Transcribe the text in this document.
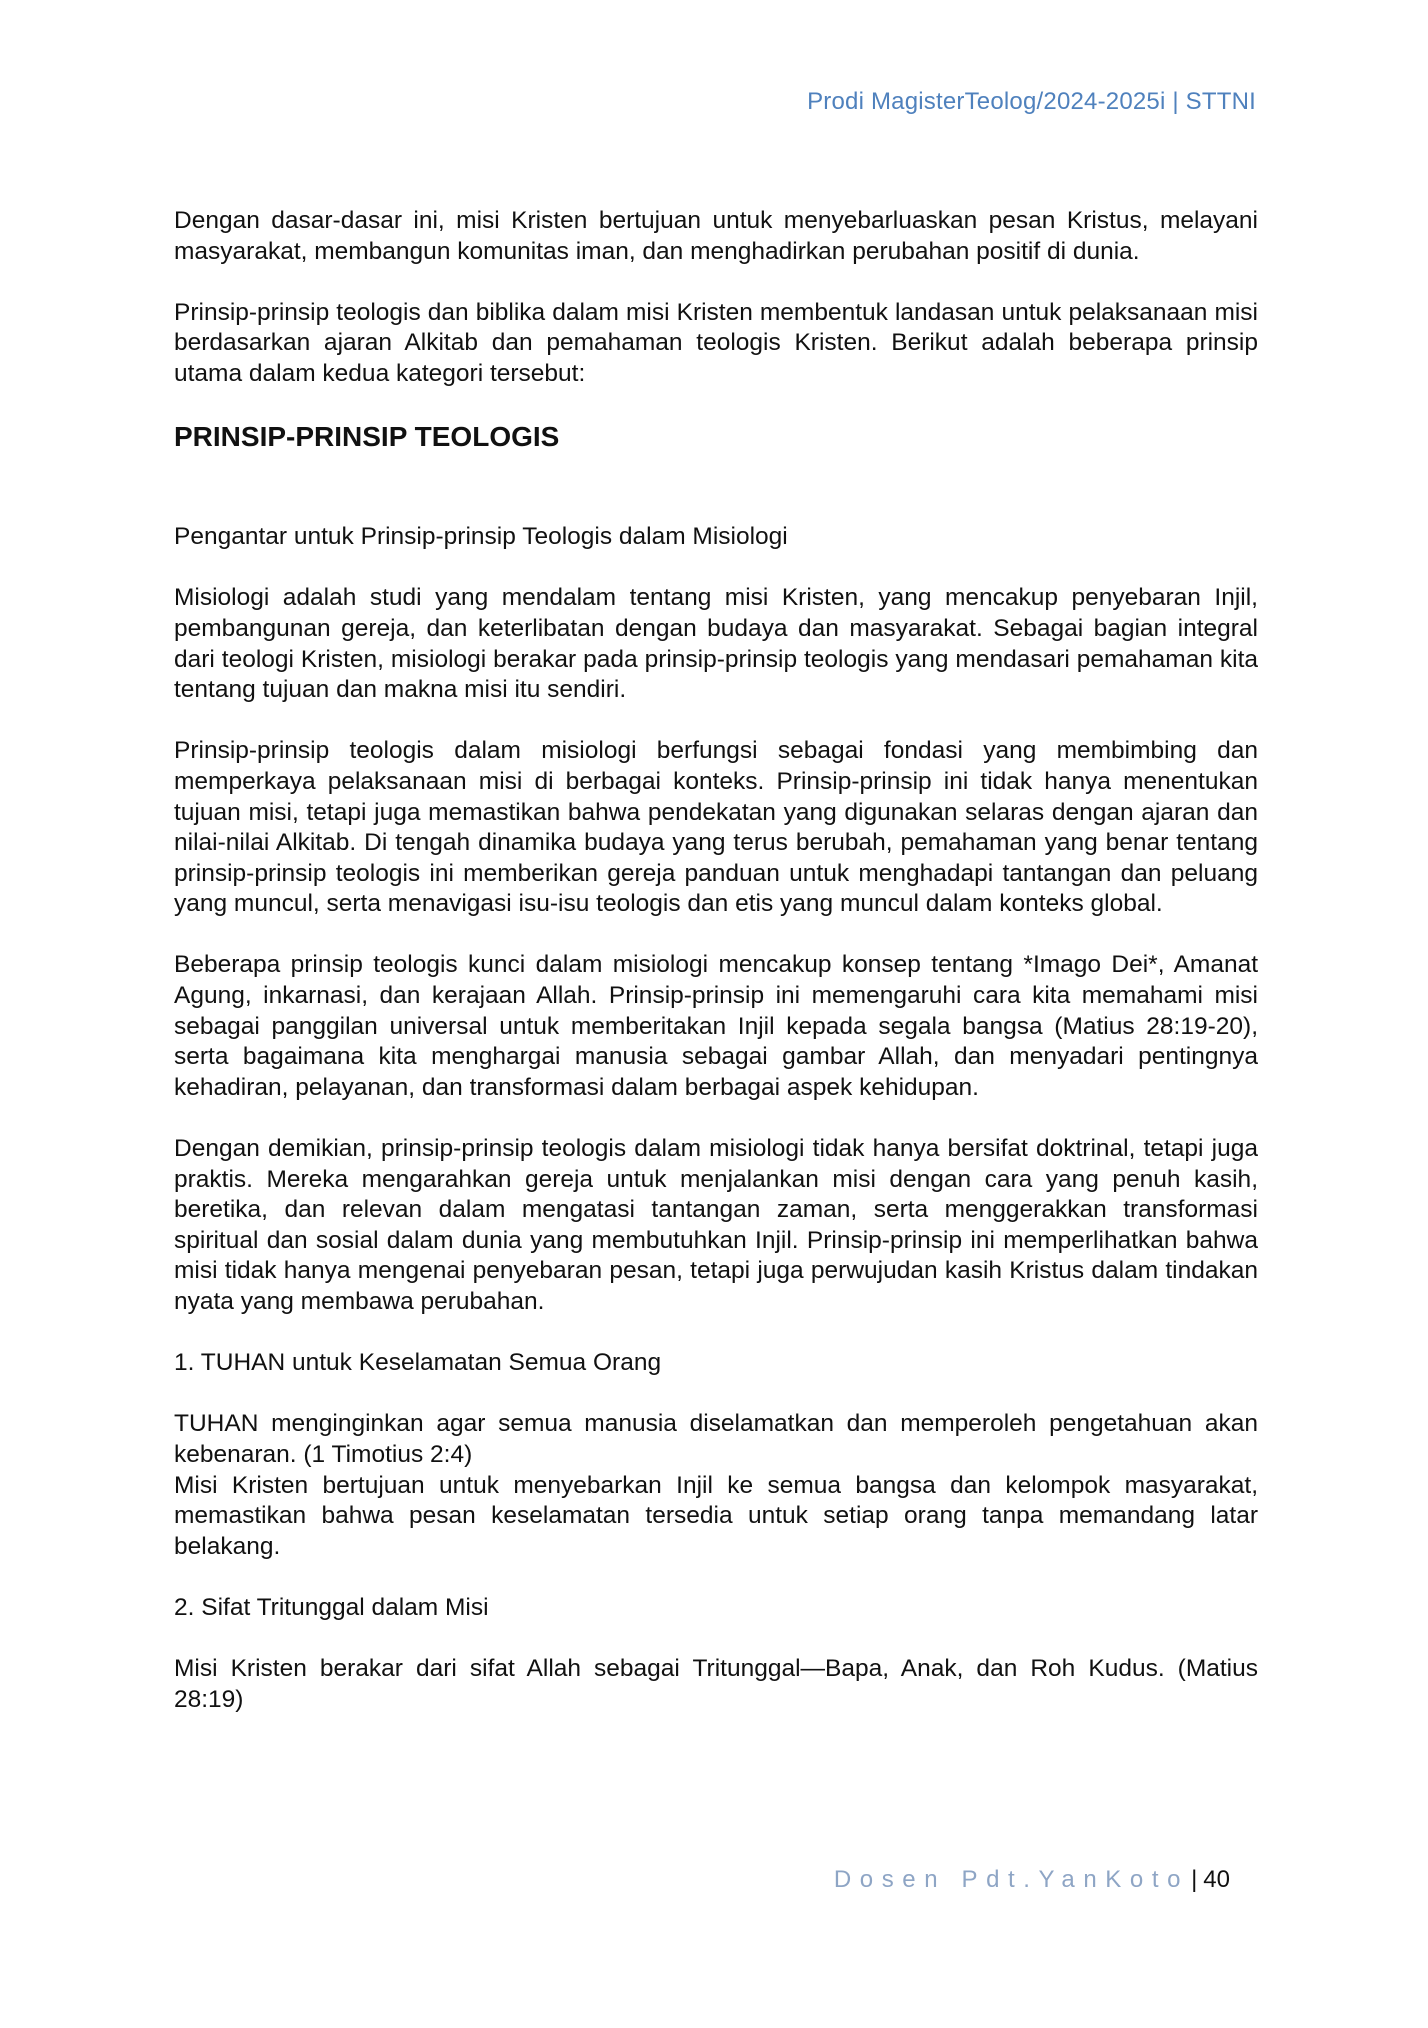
Prodi MagisterTeolog/2024-2025i | STTNI

Dengan dasar-dasar ini, misi Kristen bertujuan untuk menyebarluaskan pesan Kristus, melayani masyarakat, membangun komunitas iman, dan menghadirkan perubahan positif di dunia.

Prinsip-prinsip teologis dan biblika dalam misi Kristen membentuk landasan untuk pelaksanaan misi berdasarkan ajaran Alkitab dan pemahaman teologis Kristen. Berikut adalah beberapa prinsip utama dalam kedua kategori tersebut:

PRINSIP-PRINSIP TEOLOGIS

Pengantar untuk Prinsip-prinsip Teologis dalam Misiologi

Misiologi adalah studi yang mendalam tentang misi Kristen, yang mencakup penyebaran Injil, pembangunan gereja, dan keterlibatan dengan budaya dan masyarakat. Sebagai bagian integral dari teologi Kristen, misiologi berakar pada prinsip-prinsip teologis yang mendasari pemahaman kita tentang tujuan dan makna misi itu sendiri.

Prinsip-prinsip teologis dalam misiologi berfungsi sebagai fondasi yang membimbing dan memperkaya pelaksanaan misi di berbagai konteks. Prinsip-prinsip ini tidak hanya menentukan tujuan misi, tetapi juga memastikan bahwa pendekatan yang digunakan selaras dengan ajaran dan nilai-nilai Alkitab. Di tengah dinamika budaya yang terus berubah, pemahaman yang benar tentang prinsip-prinsip teologis ini memberikan gereja panduan untuk menghadapi tantangan dan peluang yang muncul, serta menavigasi isu-isu teologis dan etis yang muncul dalam konteks global.

Beberapa prinsip teologis kunci dalam misiologi mencakup konsep tentang *Imago Dei*, Amanat Agung, inkarnasi, dan kerajaan Allah. Prinsip-prinsip ini memengaruhi cara kita memahami misi sebagai panggilan universal untuk memberitakan Injil kepada segala bangsa (Matius 28:19-20), serta bagaimana kita menghargai manusia sebagai gambar Allah, dan menyadari pentingnya kehadiran, pelayanan, dan transformasi dalam berbagai aspek kehidupan.

Dengan demikian, prinsip-prinsip teologis dalam misiologi tidak hanya bersifat doktrinal, tetapi juga praktis. Mereka mengarahkan gereja untuk menjalankan misi dengan cara yang penuh kasih, beretika, dan relevan dalam mengatasi tantangan zaman, serta menggerakkan transformasi spiritual dan sosial dalam dunia yang membutuhkan Injil. Prinsip-prinsip ini memperlihatkan bahwa misi tidak hanya mengenai penyebaran pesan, tetapi juga perwujudan kasih Kristus dalam tindakan nyata yang membawa perubahan.

1. TUHAN untuk Keselamatan Semua Orang

TUHAN menginginkan agar semua manusia diselamatkan dan memperoleh pengetahuan akan kebenaran. (1 Timotius 2:4)

Misi Kristen bertujuan untuk menyebarkan Injil ke semua bangsa dan kelompok masyarakat, memastikan bahwa pesan keselamatan tersedia untuk setiap orang tanpa memandang latar belakang.

2. Sifat Tritunggal dalam Misi

Misi Kristen berakar dari sifat Allah sebagai Tritunggal—Bapa, Anak, dan Roh Kudus. (Matius 28:19)

Dosen Pdt.YanKoto| 40
